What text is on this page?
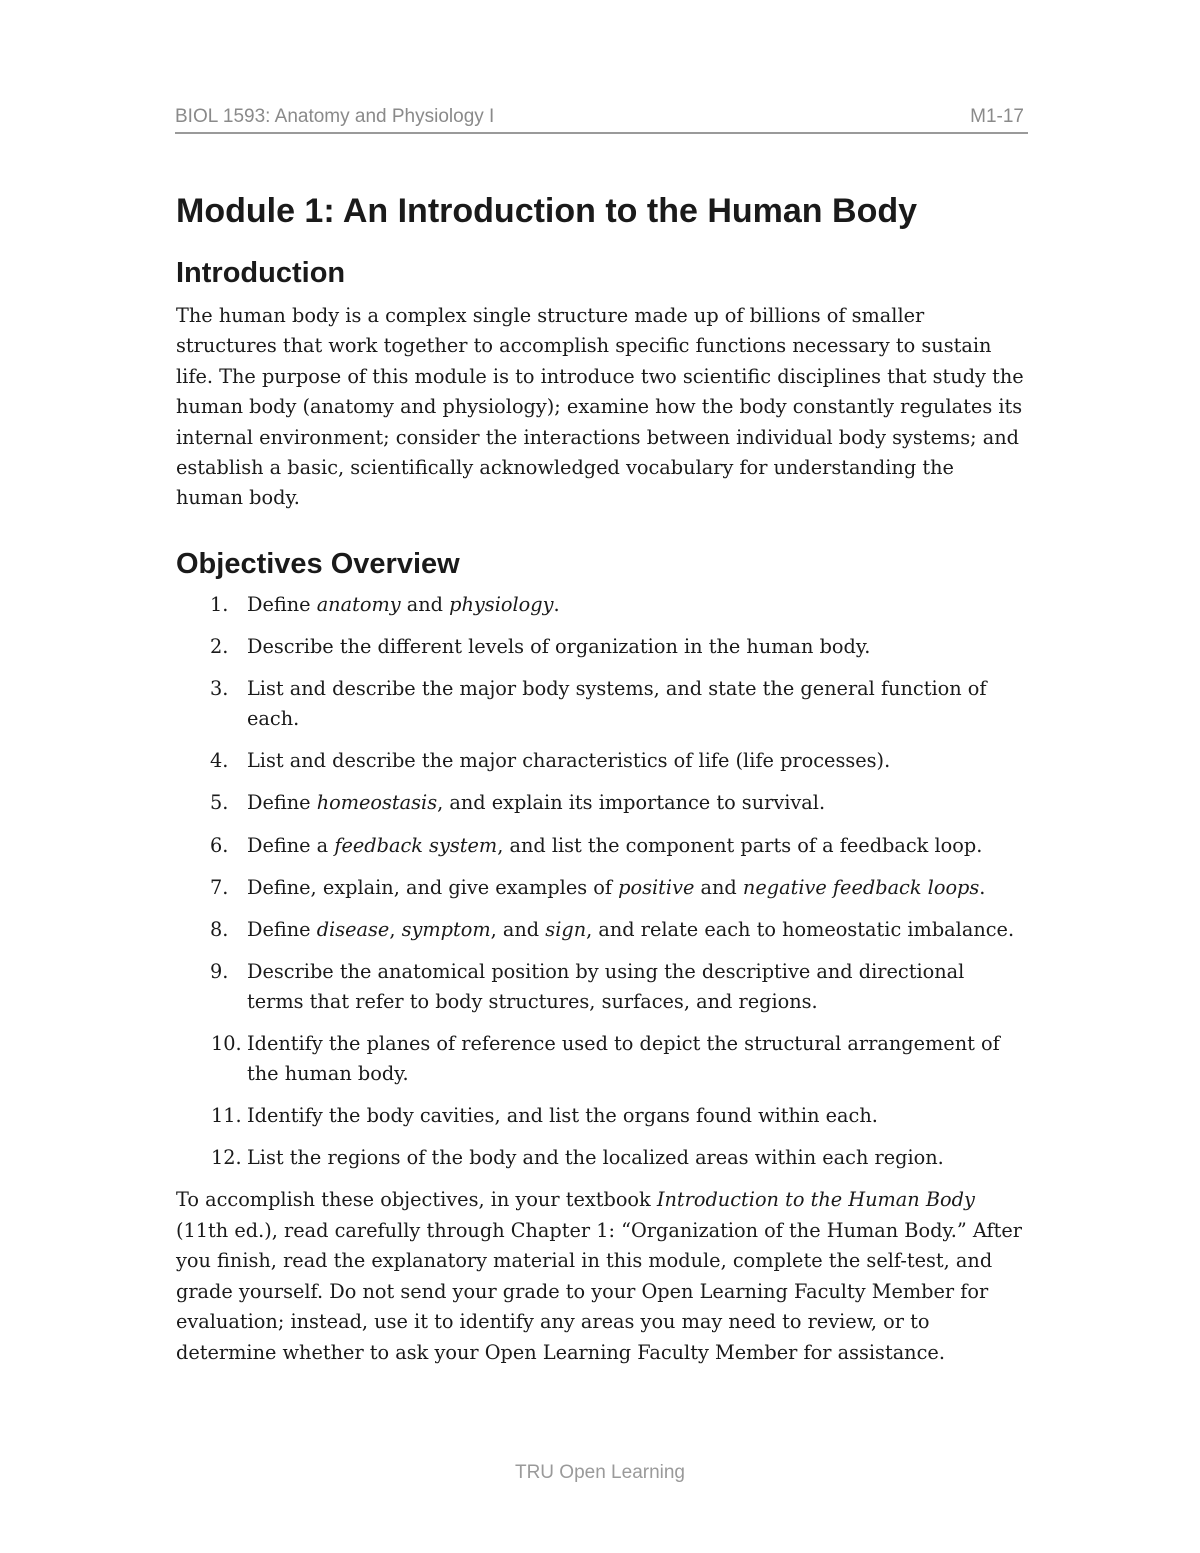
BIOL 1593: Anatomy and Physiology I	M1-17
Module 1: An Introduction to the Human Body
Introduction

The human body is a complex single structure made up of billions of smaller structures that work together to accomplish specific functions necessary to sustain life. The purpose of this module is to introduce two scientific disciplines that study the human body (anatomy and physiology); examine how the body constantly regulates its internal environment; consider the interactions between individual body systems; and establish a basic, scientifically acknowledged vocabulary for understanding the human body.

Objectives Overview
1. Define anatomy and physiology.
2. Describe the different levels of organization in the human body.
3. List and describe the major body systems, and state the general function of each.
4. List and describe the major characteristics of life (life processes).
5. Define homeostasis, and explain its importance to survival.
6. Define a feedback system, and list the component parts of a feedback loop.
7. Define, explain, and give examples of positive and negative feedback loops.
8. Define disease, symptom, and sign, and relate each to homeostatic imbalance.
9. Describe the anatomical position by using the descriptive and directional terms that refer to body structures, surfaces, and regions.
10. Identify the planes of reference used to depict the structural arrangement of the human body.
11. Identify the body cavities, and list the organs found within each.
12. List the regions of the body and the localized areas within each region.

To accomplish these objectives, in your textbook Introduction to the Human Body (11th ed.), read carefully through Chapter 1: “Organization of the Human Body.” After you finish, read the explanatory material in this module, complete the self-test, and grade yourself. Do not send your grade to your Open Learning Faculty Member for evaluation; instead, use it to identify any areas you may need to review, or to determine whether to ask your Open Learning Faculty Member for assistance.

TRU Open Learning
